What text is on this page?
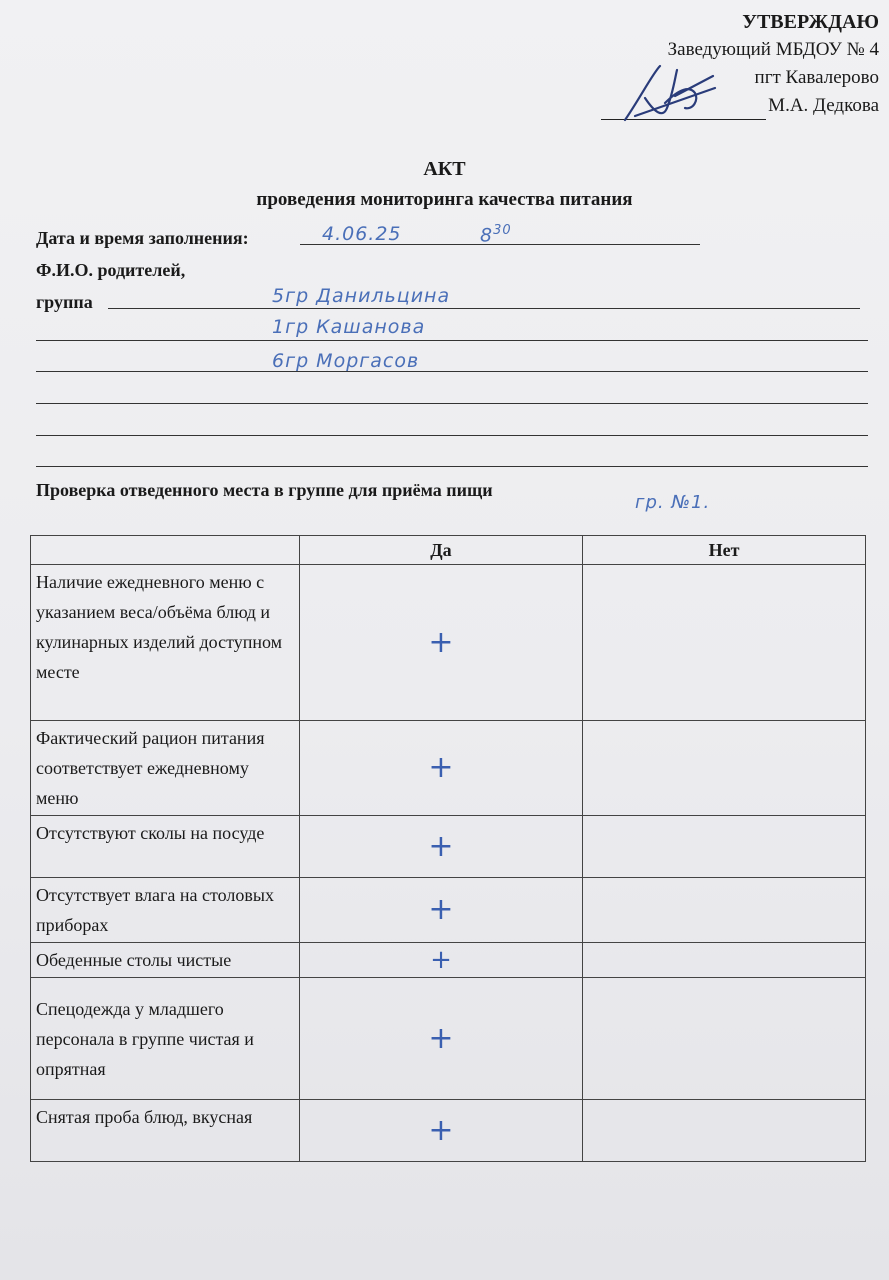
УТВЕРЖДАЮ
Заведующий МБДОУ № 4
пгт Кавалерово
М.А. Дедкова
АКТ
проведения мониторинга качества питания
Дата и время заполнения:	4.06.25	$8^{30}$
Ф.И.О. родителей,
группа	5гр Данильцина
1гр Кашанова
6гр Моргасов
Проверка отведенного места в группе для приёма пищи
гр. №1.
	Да	Нет
Наличие ежедневного меню с указанием веса/объёма блюд и кулинарных изделий доступном месте	+	
Фактический рацион питания соответствует ежедневному меню	+	
Отсутствуют сколы на посуде	+	
Отсутствует влага на столовых приборах	+	
Обеденные столы чистые	+	
Спецодежда у младшего персонала в группе чистая и опрятная	+	
Снятая проба блюд, вкусная	+	
